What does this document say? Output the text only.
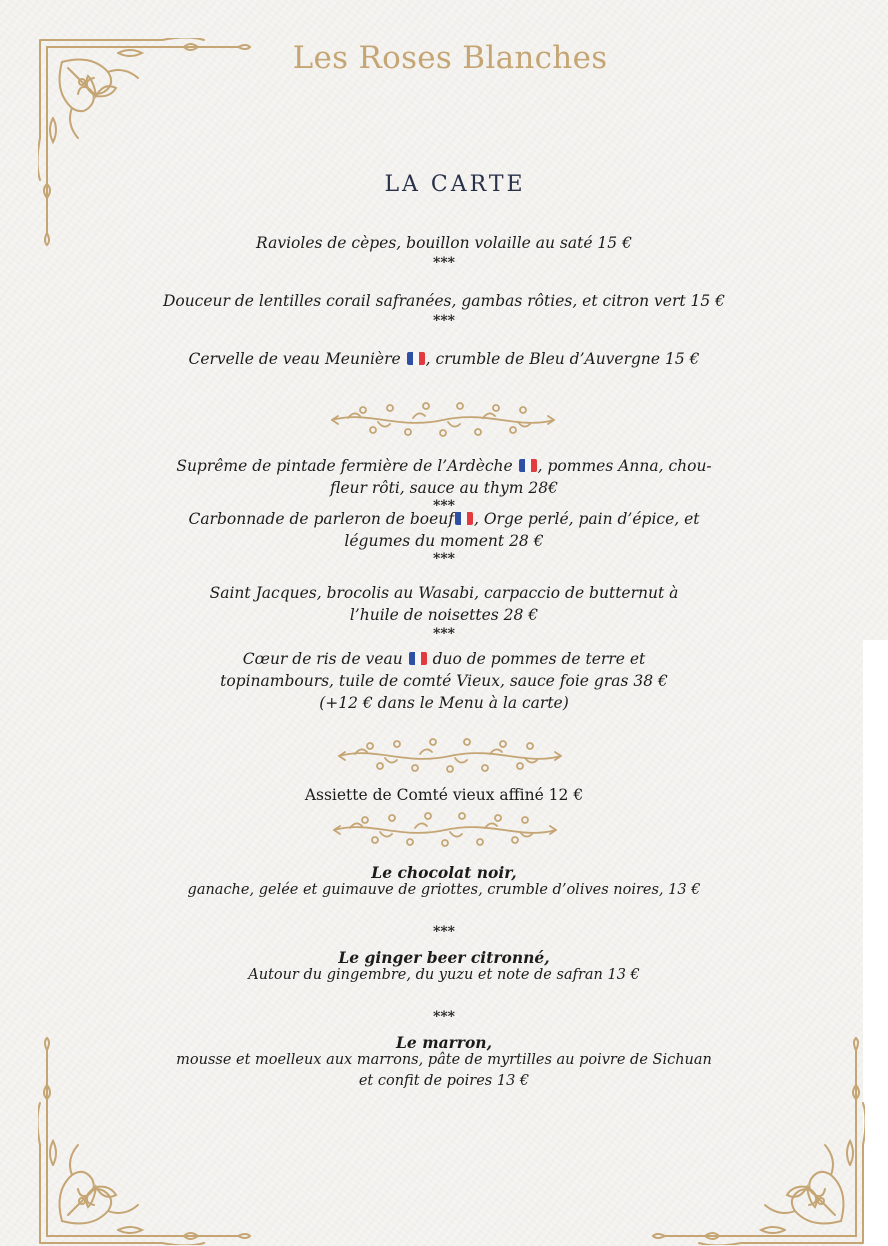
Les Roses Blanches
LA CARTE
Ravioles de cèpes, bouillon volaille au saté 15 €
***
Douceur de lentilles corail safranées, gambas rôties, et citron vert 15 €
***
Cervelle de veau Meunière , crumble de Bleu d’Auvergne 15 €
Suprême de pintade fermière de l’Ardèche , pommes Anna, chou-
fleur rôti, sauce au thym 28€
***
Carbonnade de parleron de boeuf , Orge perlé, pain d’épice, et
légumes du moment 28 €
***
Saint Jacques, brocolis au Wasabi, carpaccio de butternut à
l’huile de noisettes 28 €
***
Cœur de ris de veau  duo de pommes de terre et
topinambours, tuile de comté Vieux, sauce foie gras 38 €
(+12 € dans le Menu à la carte)
Assiette de Comté vieux affiné 12 €
Le chocolat noir,
ganache, gelée et guimauve de griottes, crumble d’olives noires, 13 €
***
Le ginger beer citronné,
Autour du gingembre, du yuzu et note de safran 13 €
***
Le marron,
mousse et moelleux aux marrons, pâte de myrtilles au poivre de Sichuan
et confit de poires 13 €
